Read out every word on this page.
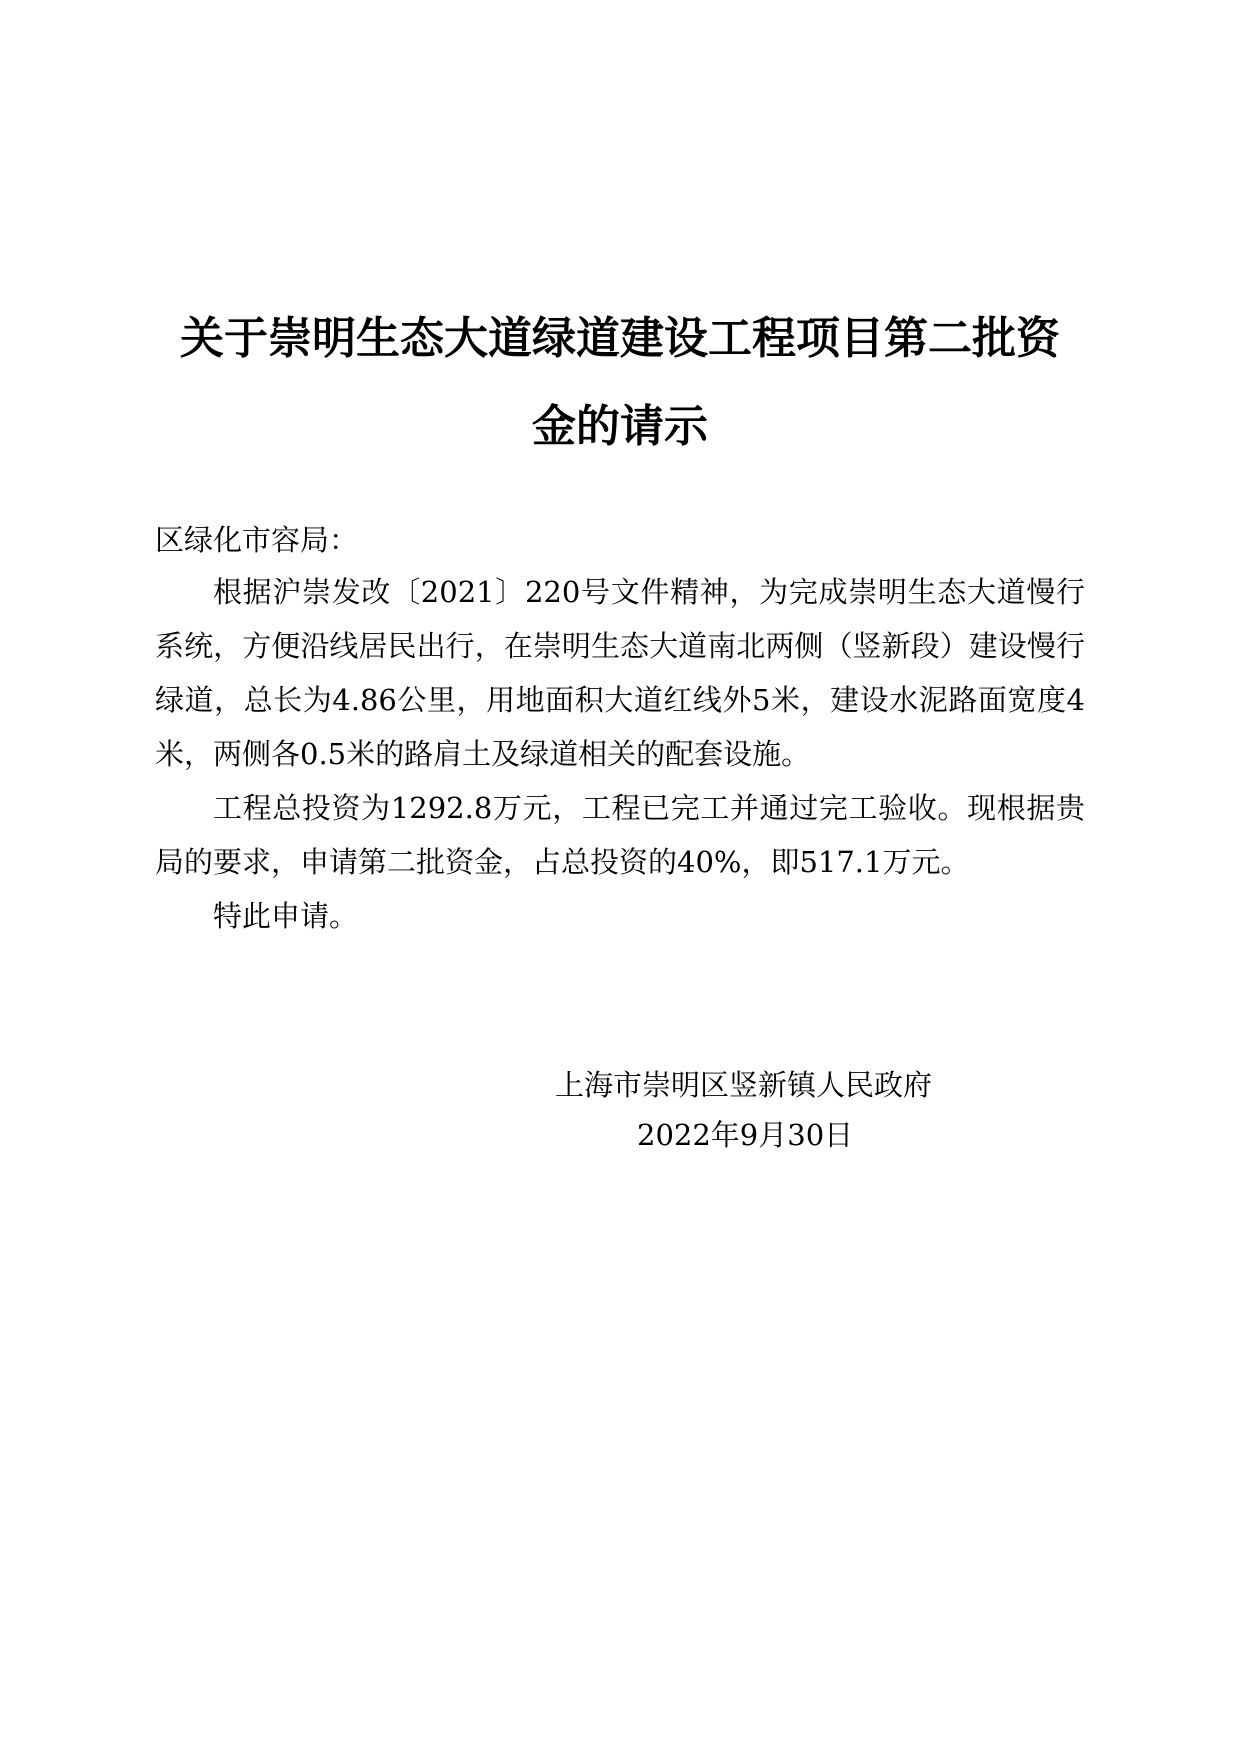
关于崇明生态大道绿道建设工程项目第二批资
金的请示
区绿化市容局：

根据沪崇发改〔2021〕220号文件精神，为完成崇明生态大道慢行系统，方便沿线居民出行，在崇明生态大道南北两侧（竖新段）建设慢行绿道，总长为4.86公里，用地面积大道红线外5米，建设水泥路面宽度4米，两侧各0.5米的路肩土及绿道相关的配套设施。

工程总投资为1292.8万元，工程已完工并通过完工验收。现根据贵局的要求，申请第二批资金，占总投资的40%，即517.1万元。

特此申请。

上海市崇明区竖新镇人民政府
2022年9月30日
